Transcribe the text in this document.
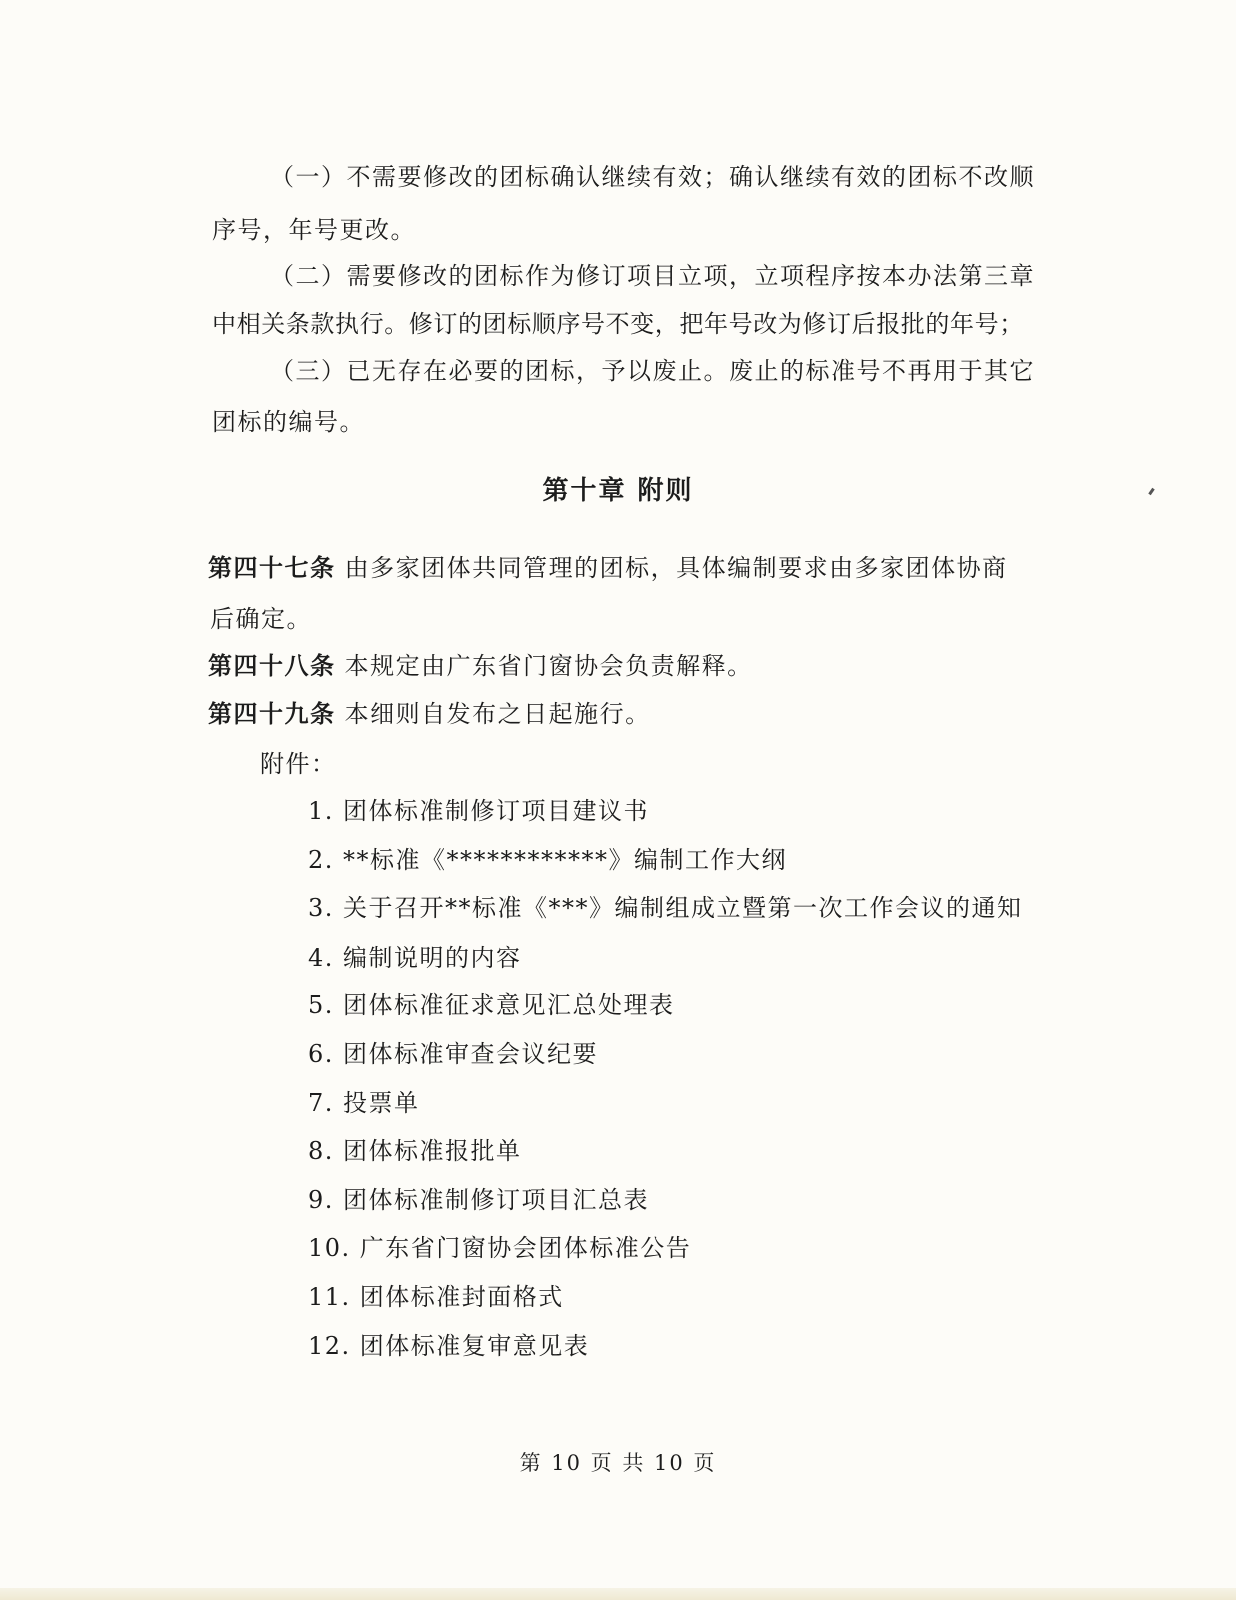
（一）不需要修改的团标确认继续有效；确认继续有效的团标不改顺
序号，年号更改。
（二）需要修改的团标作为修订项目立项，立项程序按本办法第三章
中相关条款执行。修订的团标顺序号不变，把年号改为修订后报批的年号；
（三）已无存在必要的团标，予以废止。废止的标准号不再用于其它
团标的编号。
第十章 附则
第四十七条 由多家团体共同管理的团标，具体编制要求由多家团体协商
后确定。
第四十八条 本规定由广东省门窗协会负责解释。
第四十九条 本细则自发布之日起施行。
附件：
1. 团体标准制修订项目建议书
2. **标准《************》编制工作大纲
3. 关于召开**标准《***》编制组成立暨第一次工作会议的通知
4. 编制说明的内容
5. 团体标准征求意见汇总处理表
6. 团体标准审查会议纪要
7. 投票单
8. 团体标准报批单
9. 团体标准制修订项目汇总表
10. 广东省门窗协会团体标准公告
11. 团体标准封面格式
12. 团体标准复审意见表
第 10 页 共 10 页
